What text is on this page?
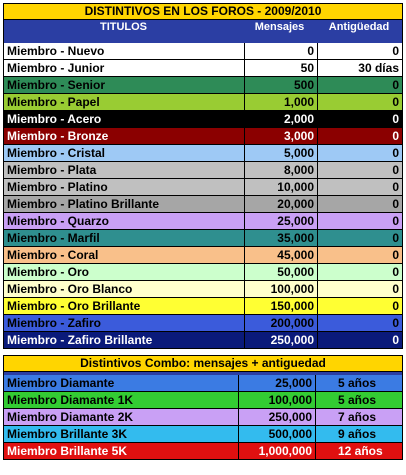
DISTINTIVOS EN LOS FOROS - 2009/2010
TITULOS	Mensajes	Antigüedad
Miembro - Nuevo	0	0
Miembro - Junior	50	30 días
Miembro - Senior	500	0
Miembro - Papel	1,000	0
Miembro - Acero	2,000	0
Miembro - Bronze	3,000	0
Miembro - Cristal	5,000	0
Miembro - Plata	8,000	0
Miembro - Platino	10,000	0
Miembro - Platino Brillante	20,000	0
Miembro - Quarzo	25,000	0
Miembro - Marfil	35,000	0
Miembro - Coral	45,000	0
Miembro - Oro	50,000	0
Miembro - Oro Blanco	100,000	0
Miembro - Oro Brillante	150,000	0
Miembro - Zafiro	200,000	0
Miembro - Zafiro Brillante	250,000	0
Distintivos Combo: mensajes + antiguedad
Miembro Diamante	25,000	5 años
Miembro Diamante 1K	100,000	5 años
Miembro Diamante 2K	250,000	7 años
Miembro Brillante 3K	500,000	9 años
Miembro Brillante 5K	1,000,000	12 años
